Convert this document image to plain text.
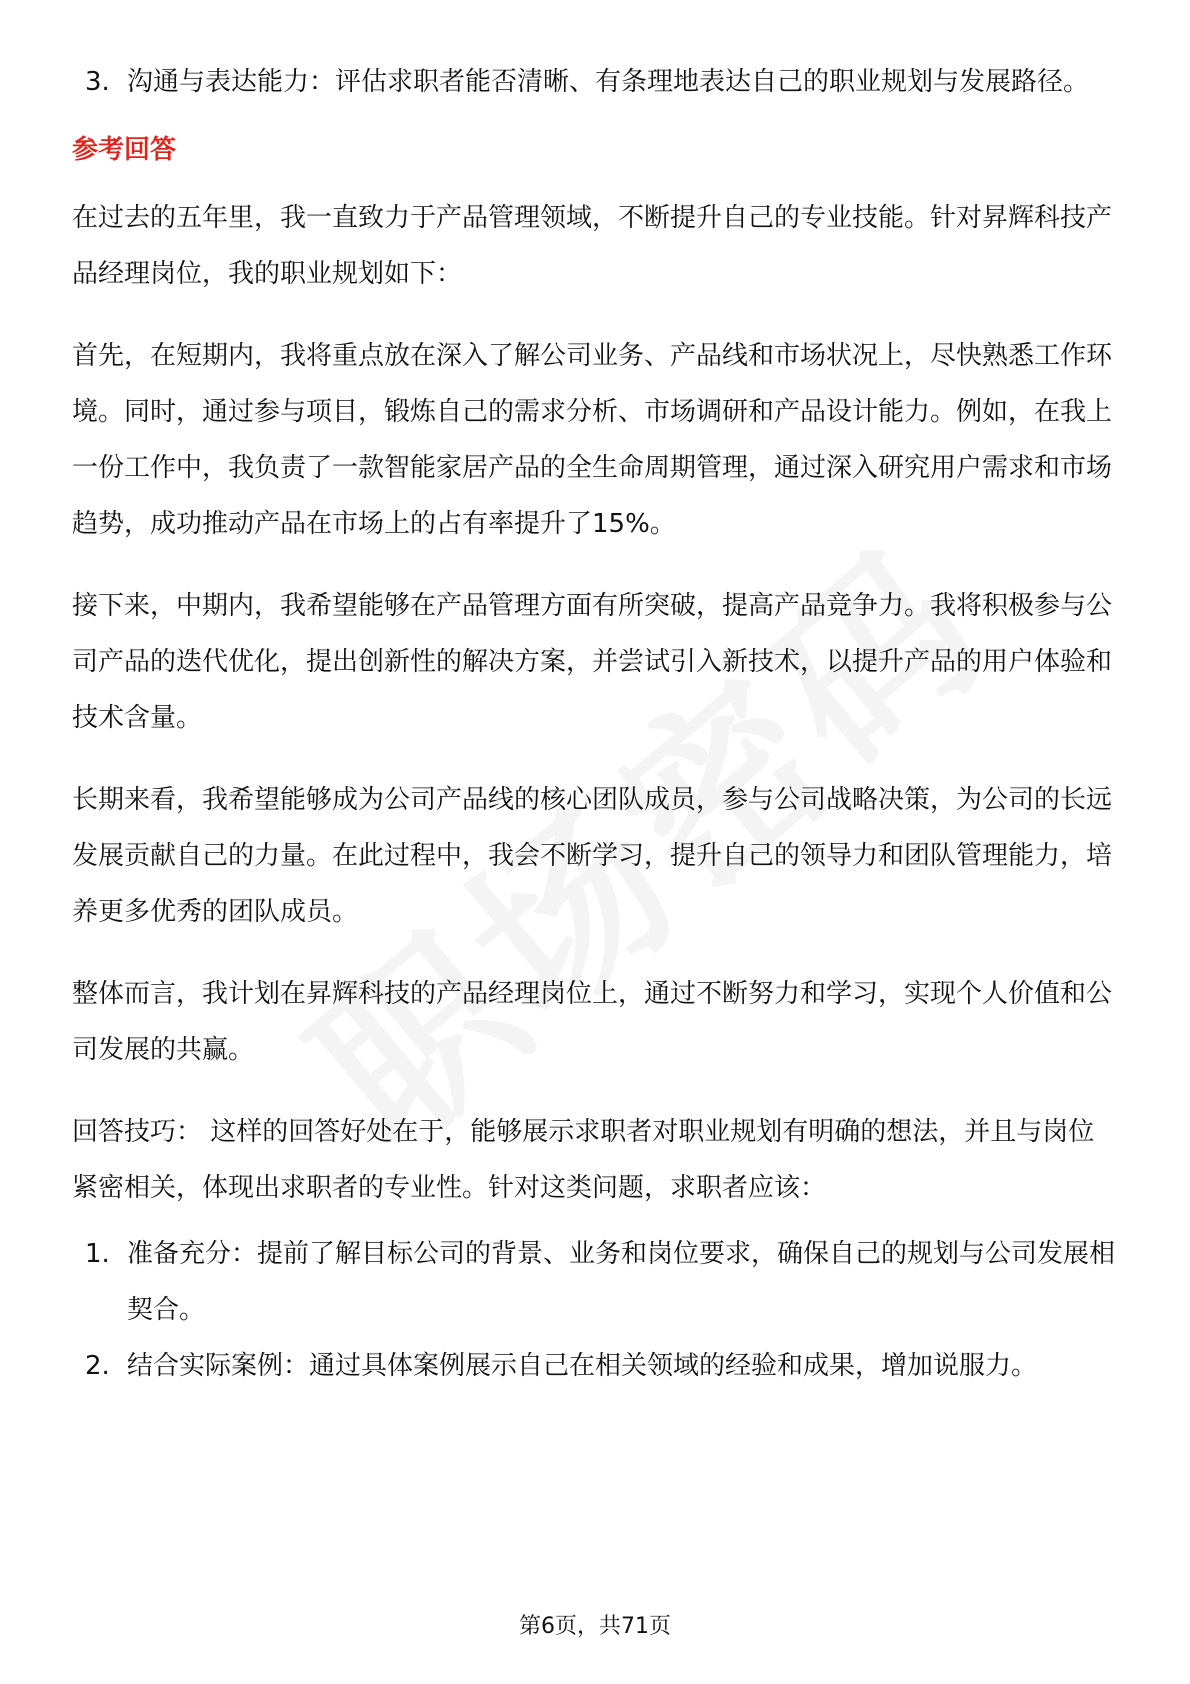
3. 沟通与表达能力：评估求职者能否清晰、有条理地表达自己的职业规划与发展路径。
参考回答

在过去的五年里，我一直致力于产品管理领域，不断提升自己的专业技能。针对昇辉科技产品经理岗位，我的职业规划如下：

首先，在短期内，我将重点放在深入了解公司业务、产品线和市场状况上，尽快熟悉工作环境。同时，通过参与项目，锻炼自己的需求分析、市场调研和产品设计能力。例如，在我上一份工作中，我负责了一款智能家居产品的全生命周期管理，通过深入研究用户需求和市场趋势，成功推动产品在市场上的占有率提升了15%。

接下来，中期内，我希望能够在产品管理方面有所突破，提高产品竞争力。我将积极参与公司产品的迭代优化，提出创新性的解决方案，并尝试引入新技术，以提升产品的用户体验和技术含量。

长期来看，我希望能够成为公司产品线的核心团队成员，参与公司战略决策，为公司的长远发展贡献自己的力量。在此过程中，我会不断学习，提升自己的领导力和团队管理能力，培养更多优秀的团队成员。

整体而言，我计划在昇辉科技的产品经理岗位上，通过不断努力和学习，实现个人价值和公司发展的共赢。

回答技巧： 这样的回答好处在于，能够展示求职者对职业规划有明确的想法，并且与岗位紧密相关，体现出求职者的专业性。针对这类问题，求职者应该：

1. 准备充分：提前了解目标公司的背景、业务和岗位要求，确保自己的规划与公司发展相契合。
2. 结合实际案例：通过具体案例展示自己在相关领域的经验和成果，增加说服力。
第6页，共71页
